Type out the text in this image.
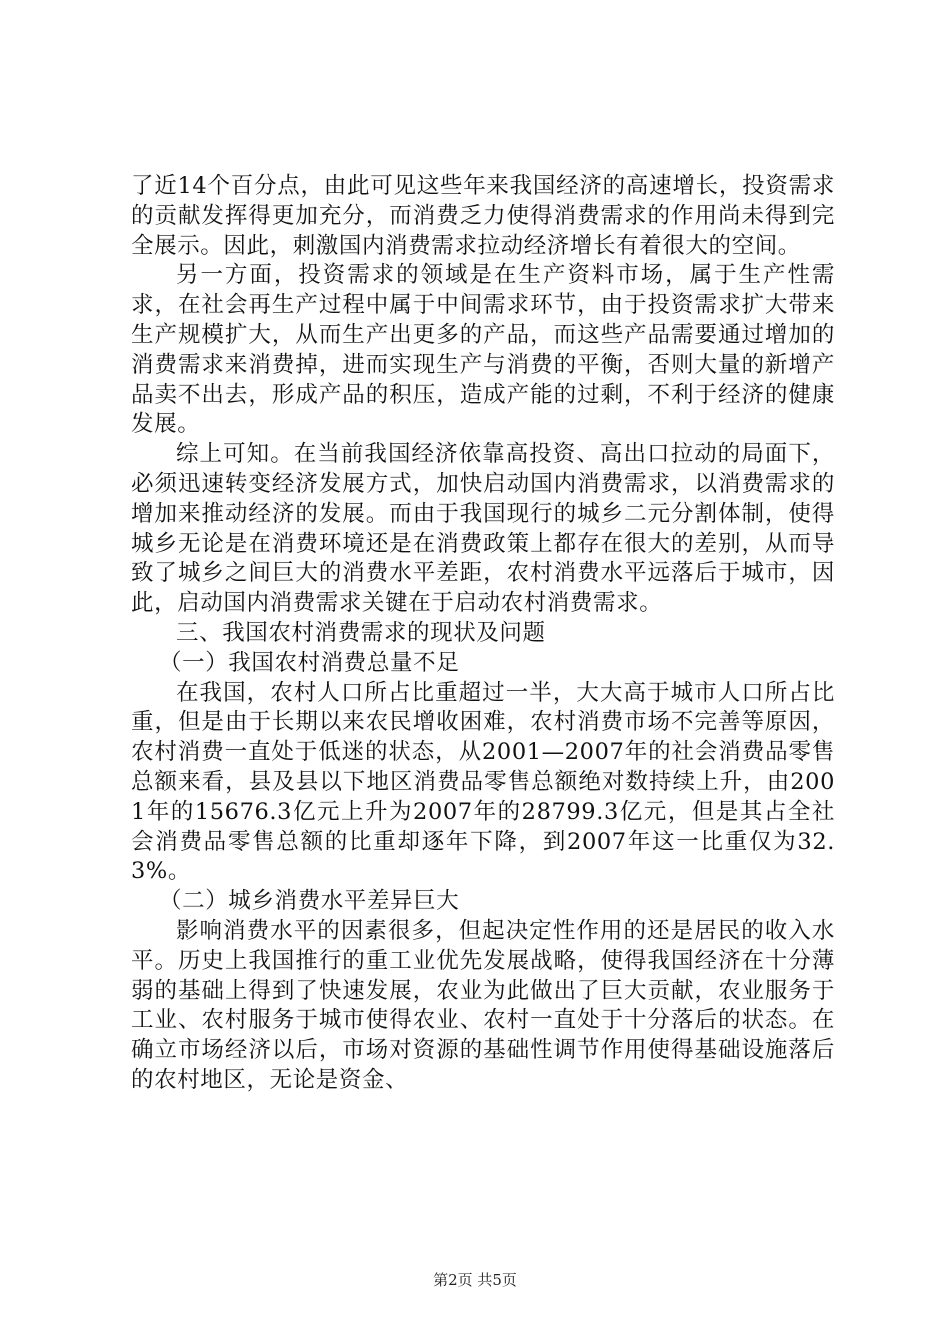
了近14个百分点，由此可见这些年来我国经济的高速增长，投资需求的贡献发挥得更加充分，而消费乏力使得消费需求的作用尚未得到完全展示。因此，刺激国内消费需求拉动经济增长有着很大的空间。

另一方面，投资需求的领域是在生产资料市场，属于生产性需求，在社会再生产过程中属于中间需求环节，由于投资需求扩大带来生产规模扩大，从而生产出更多的产品，而这些产品需要通过增加的消费需求来消费掉，进而实现生产与消费的平衡，否则大量的新增产品卖不出去，形成产品的积压，造成产能的过剩，不利于经济的健康发展。

综上可知。在当前我国经济依靠高投资、高出口拉动的局面下，必须迅速转变经济发展方式，加快启动国内消费需求，以消费需求的增加来推动经济的发展。而由于我国现行的城乡二元分割体制，使得城乡无论是在消费环境还是在消费政策上都存在很大的差别，从而导致了城乡之间巨大的消费水平差距，农村消费水平远落后于城市，因此，启动国内消费需求关键在于启动农村消费需求。

三、我国农村消费需求的现状及问题

（一）我国农村消费总量不足

在我国，农村人口所占比重超过一半，大大高于城市人口所占比重，但是由于长期以来农民增收困难，农村消费市场不完善等原因，农村消费一直处于低迷的状态，从2001—2007年的社会消费品零售总额来看，县及县以下地区消费品零售总额绝对数持续上升，由2001年的15676.3亿元上升为2007年的28799.3亿元，但是其占全社会消费品零售总额的比重却逐年下降，到2007年这一比重仅为32.3%。

（二）城乡消费水平差异巨大

影响消费水平的因素很多，但起决定性作用的还是居民的收入水平。历史上我国推行的重工业优先发展战略，使得我国经济在十分薄弱的基础上得到了快速发展，农业为此做出了巨大贡献，农业服务于工业、农村服务于城市使得农业、农村一直处于十分落后的状态。在确立市场经济以后，市场对资源的基础性调节作用使得基础设施落后的农村地区，无论是资金、

第2页 共5页
